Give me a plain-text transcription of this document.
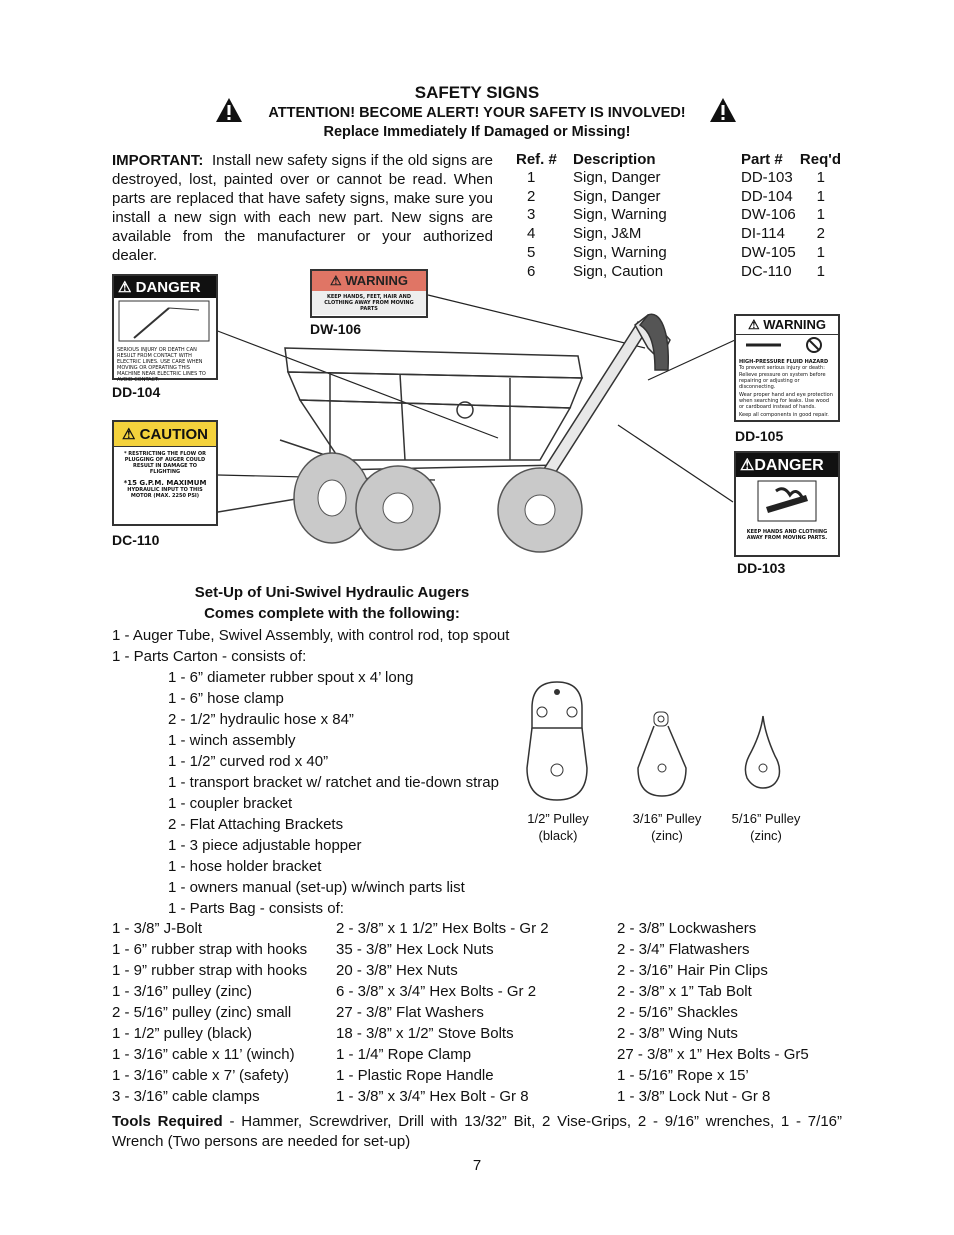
SAFETY SIGNS
ATTENTION! BECOME ALERT! YOUR SAFETY IS INVOLVED!
Replace Immediately If Damaged or Missing!
IMPORTANT: Install new safety signs if the old signs are destroyed, lost, painted over or cannot be read. When parts are replaced that have safety signs, make sure you install a new sign with each new part. New signs are available from the manufacturer or your authorized dealer.
Ref. #	Description	Part #	Req'd
1	Sign, Danger	DD-103	1
2	Sign, Danger	DD-104	1
3	Sign, Warning	DW-106	1
4	Sign, J&M	DI-114	2
5	Sign, Warning	DW-105	1
6	Sign, Caution	DC-110	1
⚠ DANGER
SERIOUS INJURY OR DEATH CAN RESULT FROM CONTACT WITH ELECTRIC LINES. USE CARE WHEN MOVING OR OPERATING THIS MACHINE NEAR ELECTRIC LINES TO AVOID CONTACT.
DD-104
⚠ WARNING
KEEP HANDS, FEET, HAIR AND CLOTHING AWAY FROM MOVING PARTS
DW-106	⚠ WARNING
HIGH-PRESSURE FLUID HAZARD
To prevent serious injury or death:
Relieve pressure on system before repairing or adjusting or disconnecting.
Wear proper hand and eye protection when searching for leaks. Use wood or cardboard instead of hands.
Keep all components in good repair.
DD-105
⚠DANGER
KEEP HANDS AND CLOTHING AWAY FROM MOVING PARTS.
DD-103
⚠ CAUTION
* RESTRICTING THE FLOW OR PLUGGING OF AUGER COULD RESULT IN DAMAGE TO FLIGHTING
*15 G.P.M. MAXIMUM
HYDRAULIC INPUT TO THIS MOTOR (MAX. 2250 PSI)
DC-110
Set-Up of Uni-Swivel Hydraulic Augers
Comes complete with the following:
1 - Auger Tube, Swivel Assembly, with control rod, top spout
1 - Parts Carton - consists of:
1 - 6” diameter rubber spout x 4’ long
1 - 6” hose clamp
2 - 1/2” hydraulic hose x 84”
1 - winch assembly
1 - 1/2” curved rod x 40”
1 - transport bracket w/ ratchet and tie-down strap
1 - coupler bracket
2 - Flat Attaching Brackets
1 - 3 piece adjustable hopper
1 - hose holder bracket
1 - owners manual (set-up) w/winch parts list
1 - Parts Bag - consists of:
1/2” Pulley
(black)
3/16” Pulley
(zinc)
5/16” Pulley
(zinc)
1 - 3/8” J-Bolt
1 - 6” rubber strap with hooks
1 - 9” rubber strap with hooks
1 - 3/16” pulley (zinc)
2 - 5/16” pulley (zinc) small
1 - 1/2” pulley (black)
1 - 3/16” cable x 11’ (winch)
1 - 3/16” cable x 7’ (safety)
3 - 3/16” cable clamps
2 - 3/8” x 1 1/2” Hex Bolts - Gr 2
35 - 3/8” Hex Lock Nuts
20 - 3/8” Hex Nuts
6 - 3/8” x 3/4” Hex Bolts - Gr 2
27 - 3/8” Flat Washers
18 - 3/8” x 1/2” Stove Bolts
1 - 1/4” Rope Clamp
1 - Plastic Rope Handle
1 - 3/8” x 3/4” Hex Bolt - Gr 8
2 - 3/8” Lockwashers
2 - 3/4” Flatwashers
2 - 3/16” Hair Pin Clips
2 - 3/8” x 1” Tab Bolt
2 - 5/16” Shackles
2 - 3/8” Wing Nuts
27 - 3/8” x 1” Hex Bolts - Gr5
1 - 5/16” Rope x 15’
1 - 3/8” Lock Nut - Gr 8
Tools Required - Hammer, Screwdriver, Drill with 13/32” Bit, 2 Vise-Grips, 2 - 9/16” wrenches, 1 - 7/16” Wrench (Two persons are needed for set-up)
7
